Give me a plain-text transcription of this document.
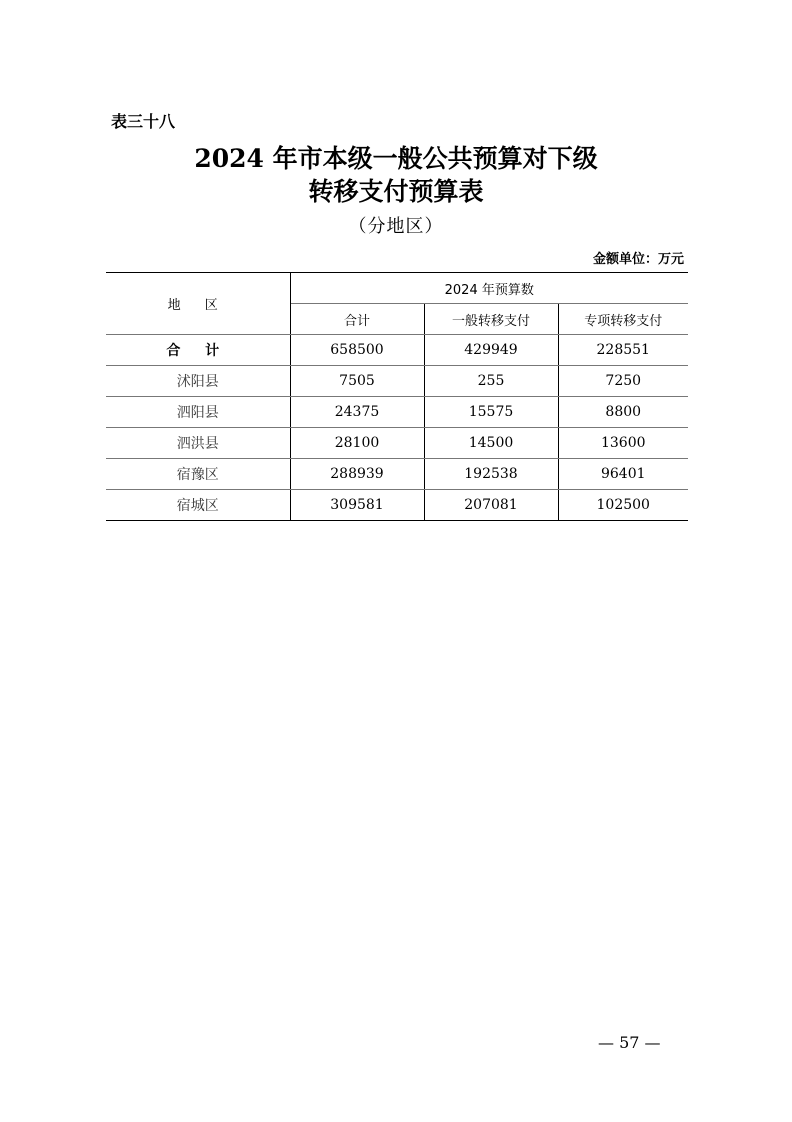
表三十八
2024 年市本级一般公共预算对下级
转移支付预算表
（分地区）
金额单位：万元
地 区	2024 年预算数		
	合计	一般转移支付	专项转移支付
合 计	658500	429949	228551
沭阳县	7505	255	7250
泗阳县	24375	15575	8800
泗洪县	28100	14500	13600
宿豫区	288939	192538	96401
宿城区	309581	207081	102500
— 57 —
